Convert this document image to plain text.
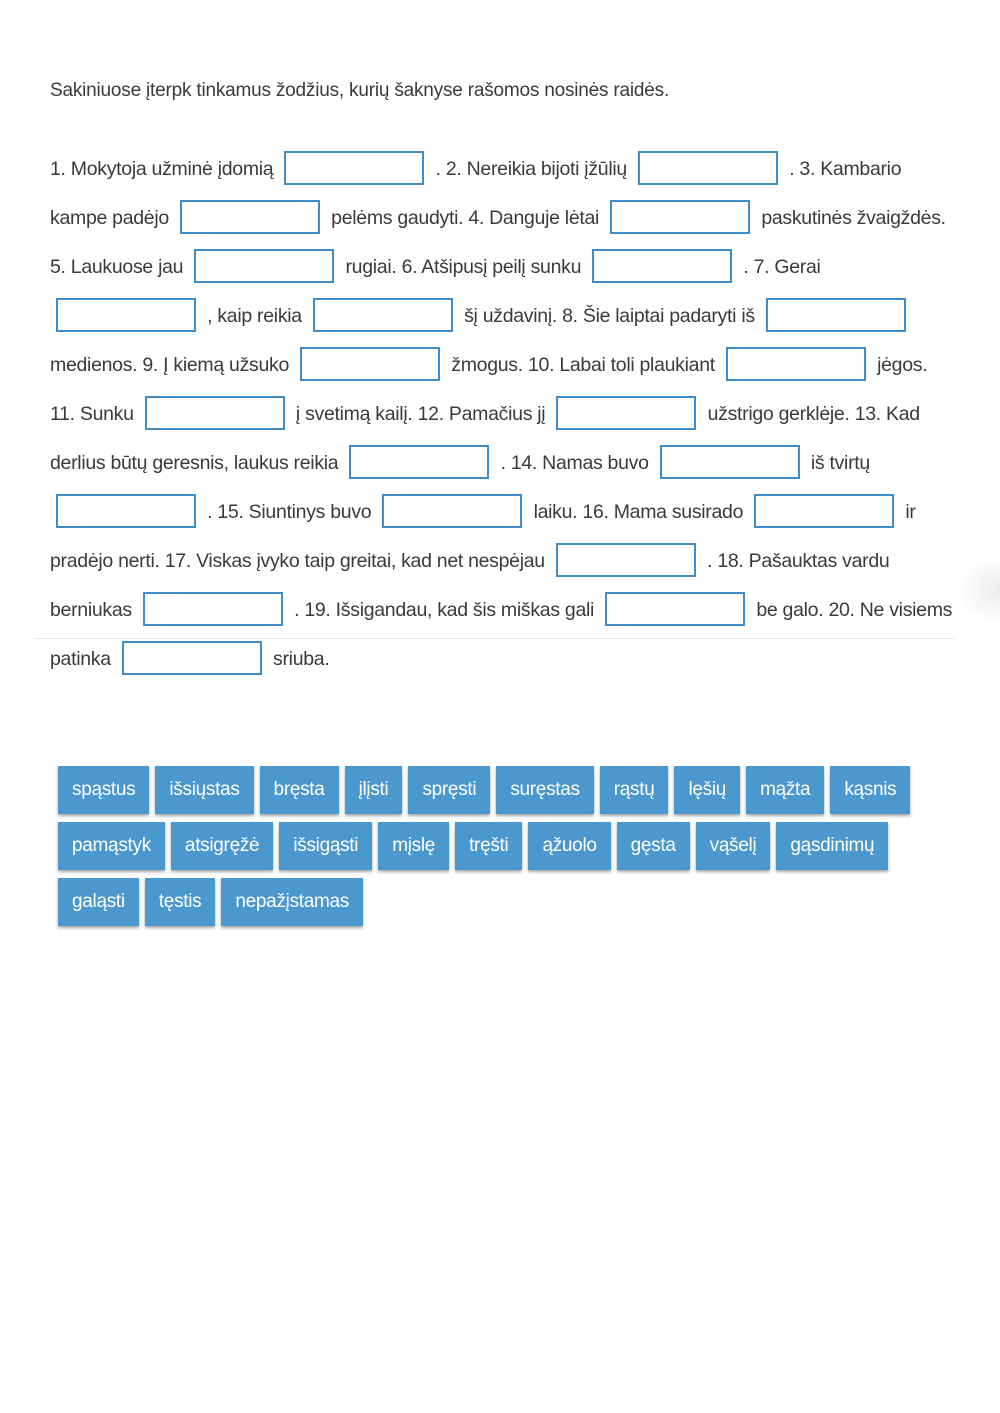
Sakiniuose įterpk tinkamus žodžius, kurių šaknyse rašomos nosinės raidės.
1. Mokytoja užminė įdomią	. 2. Nereikia bijoti įžūlių	. 3. Kambario kampe padėjo	pelėms gaudyti. 4. Danguje lėtai	paskutinės žvaigždės. 5. Laukuose jau	rugiai. 6. Atšipusį peilį sunku	. 7. Gerai  , kaip reikia	šį uždavinį. 8. Šie laiptai padaryti iš  medienos. 9. Į kiemą užsuko	žmogus. 10. Labai toli plaukiant	jėgos. 11. Sunku	į svetimą kailį. 12. Pamačius jį	užstrigo gerklėje. 13. Kad derlius būtų geresnis, laukus reikia	. 14. Namas buvo	iš tvirtų  . 15. Siuntinys buvo	laiku. 16. Mama susirado	ir pradėjo nerti. 17. Viskas įvyko taip greitai, kad net nespėjau	. 18. Pašauktas vardu berniukas	. 19. Išsigandau, kad šis miškas gali	be galo. 20. Ne visiems patinka	sriuba.
spąstus	išsiųstas	bręsta	įlįsti	spręsti	suręstas	rąstų	lęšių	mąžta	kąsnis
pamąstyk	atsigręžė	išsigąsti	mįslę	tręšti	ąžuolo	gęsta	vąšelį	gąsdinimų
galąsti	tęstis	nepažįstamas
